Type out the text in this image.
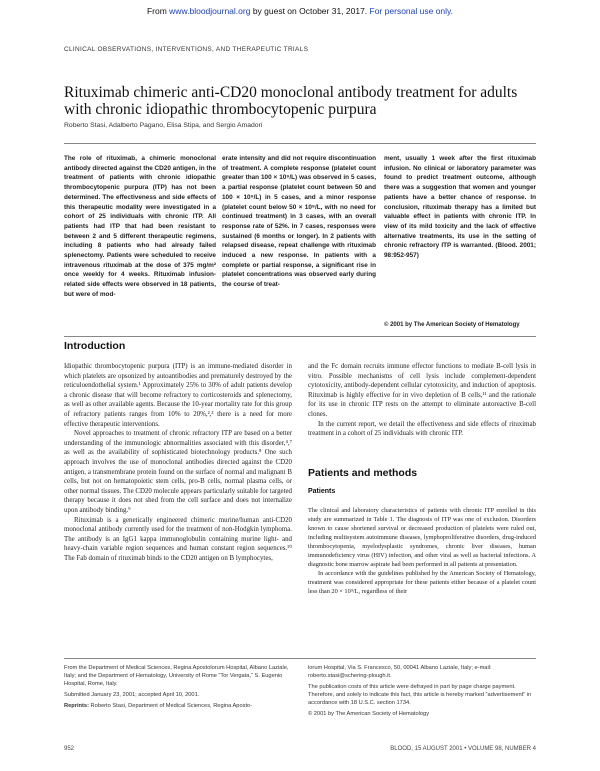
From www.bloodjournal.org by guest on October 31, 2017. For personal use only.
CLINICAL OBSERVATIONS, INTERVENTIONS, AND THERAPEUTIC TRIALS
Rituximab chimeric anti-CD20 monoclonal antibody treatment for adults with chronic idiopathic thrombocytopenic purpura
Roberto Stasi, Adalberto Pagano, Elisa Stipa, and Sergio Amadori

The role of rituximab, a chimeric monoclonal antibody directed against the CD20 antigen, in the treatment of patients with chronic idiopathic thrombocytopenic purpura (ITP) has not been determined. The effectiveness and side effects of this therapeutic modality were investigated in a cohort of 25 individuals with chronic ITP. All patients had ITP that had been resistant to between 2 and 5 different therapeutic regimens, including 8 patients who had already failed splenectomy. Patients were scheduled to receive intravenous rituximab at the dose of 375 mg/m² once weekly for 4 weeks. Rituximab infusion-related side effects were observed in 18 patients, but were of mod-

erate intensity and did not require discontinuation of treatment. A complete response (platelet count greater than 100 × 10⁹/L) was observed in 5 cases, a partial response (platelet count between 50 and 100 × 10⁹/L) in 5 cases, and a minor response (platelet count below 50 × 10⁹/L, with no need for continued treatment) in 3 cases, with an overall response rate of 52%. In 7 cases, responses were sustained (6 months or longer). In 2 patients with relapsed disease, repeat challenge with rituximab induced a new response. In patients with a complete or partial response, a significant rise in platelet concentrations was observed early during the course of treat-

ment, usually 1 week after the first rituximab infusion. No clinical or laboratory parameter was found to predict treatment outcome, although there was a suggestion that women and younger patients have a better chance of response. In conclusion, rituximab therapy has a limited but valuable effect in patients with chronic ITP. In view of its mild toxicity and the lack of effective alternative treatments, its use in the setting of chronic refractory ITP is warranted. (Blood. 2001; 98:952-957)

© 2001 by The American Society of Hematology
Introduction

Idiopathic thrombocytopenic purpura (ITP) is an immune-mediated disorder in which platelets are opsonized by autoantibodies and prematurely destroyed by the reticuloendothelial system.¹ Approximately 25% to 30% of adult patients develop a chronic disease that will become refractory to corticosteroids and splenectomy, as well as other available agents. Because the 10-year mortality rate for this group of refractory patients ranges from 10% to 20%,²,³ there is a need for more effective therapeutic interventions.

Novel approaches to treatment of chronic refractory ITP are based on a better understanding of the immunologic abnormalities associated with this disorder,⁴,⁷ as well as the availability of sophisticated biotechnology products.⁸ One such approach involves the use of monoclonal antibodies directed against the CD20 antigen, a transmembrane protein found on the surface of normal and malignant B cells, but not on hematopoietic stem cells, pro-B cells, normal plasma cells, or other normal tissues. The CD20 molecule appears particularly suitable for targeted therapy because it does not shed from the cell surface and does not internalize upon antibody binding.⁹

Rituximab is a genetically engineered chimeric murine/human anti-CD20 monoclonal antibody currently used for the treatment of non-Hodgkin lymphoma. The antibody is an IgG1 kappa immunoglobulin containing murine light- and heavy-chain variable region sequences and human constant region sequences.¹⁰ The Fab domain of rituximab binds to the CD20 antigen on B lymphocytes,

and the Fc domain recruits immune effector functions to mediate B-cell lysis in vitro. Possible mechanisms of cell lysis include complement-dependent cytotoxicity, antibody-dependent cellular cytotoxicity, and induction of apoptosis. Rituximab is highly effective for in vivo depletion of B cells,¹¹ and the rationale for its use in chronic ITP rests on the attempt to eliminate autoreactive B-cell clones.

In the current report, we detail the effectiveness and side effects of rituximab treatment in a cohort of 25 individuals with chronic ITP.

Patients and methods
Patients

The clinical and laboratory characteristics of patients with chronic ITP enrolled in this study are summarized in Table 1. The diagnosis of ITP was one of exclusion. Disorders known to cause shortened survival or decreased production of platelets were ruled out, including multisystem autoimmune diseases, lymphoproliferative disorders, drug-induced thrombocytopenia, myelodysplastic syndromes, chronic liver diseases, human immunodeficiency virus (HIV) infection, and other viral as well as bacterial infections. A diagnostic bone marrow aspirate had been performed in all patients at presentation.

In accordance with the guidelines published by the American Society of Hematology, treatment was considered appropriate for these patients either because of a platelet count less than 20 × 10⁹/L, regardless of their

From the Department of Medical Sciences, Regina Apostolorum Hospital, Albano Laziale, Italy; and the Department of Hematology, University of Rome “Tor Vergata,” S. Eugenio Hospital, Rome, Italy.

Submitted January 23, 2001; accepted April 10, 2001.

Reprints: Roberto Stasi, Department of Medical Sciences, Regina Aposto-

lorum Hospital, Via S. Francesco, 50, 00041 Albano Laziale, Italy; e-mail: roberto.stasi@schering-plough.it.

The publication costs of this article were defrayed in part by page charge payment. Therefore, and solely to indicate this fact, this article is hereby marked “advertisement” in accordance with 18 U.S.C. section 1734.

© 2001 by The American Society of Hematology

952	BLOOD, 15 AUGUST 2001 • VOLUME 98, NUMBER 4
